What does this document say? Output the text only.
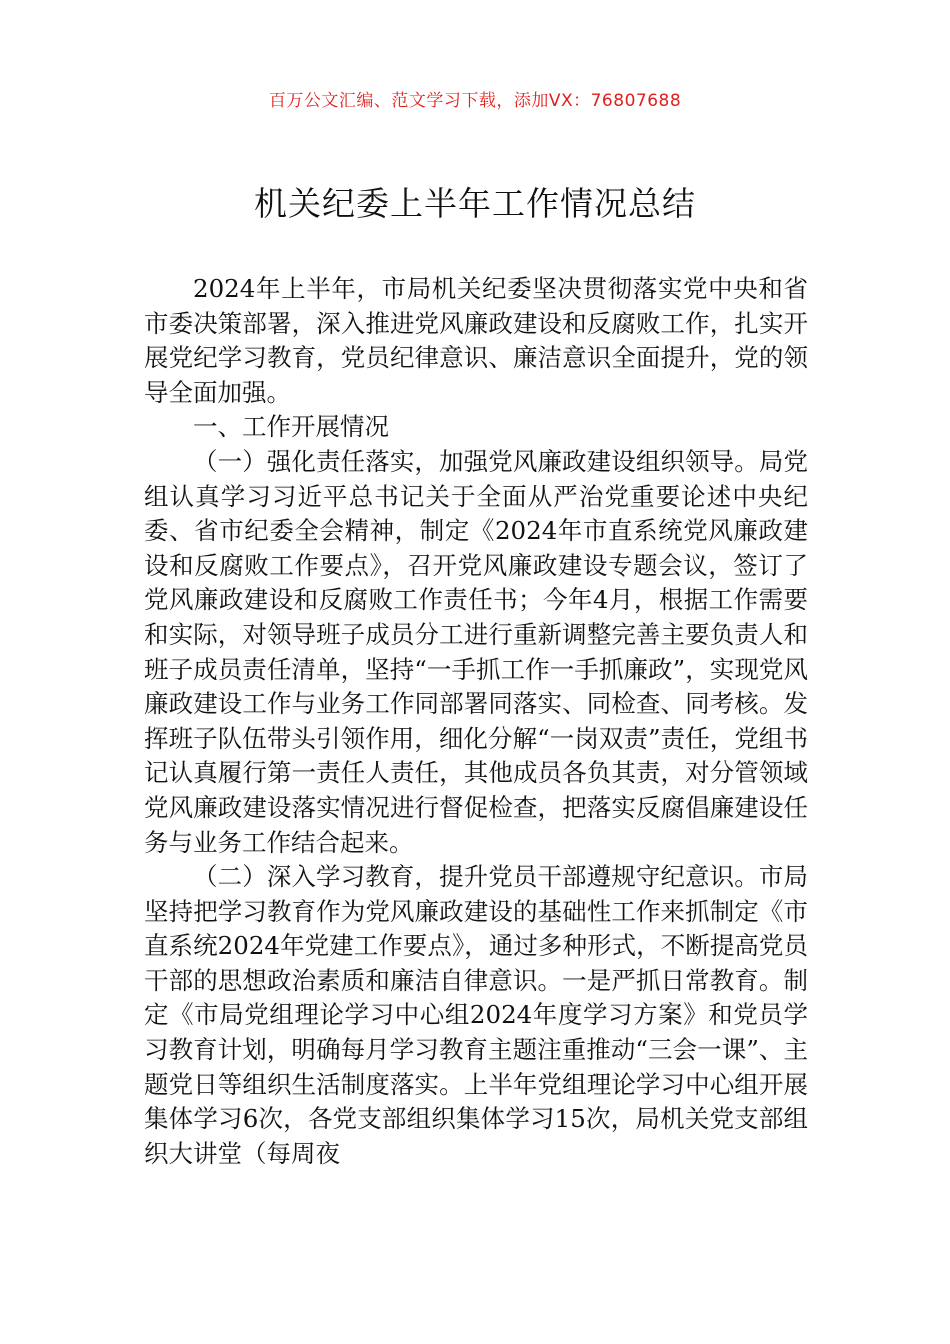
百万公文汇编、范文学习下载，添加VX：76807688
机关纪委上半年工作情况总结

2024年上半年，市局机关纪委坚决贯彻落实党中央和省市委决策部署，深入推进党风廉政建设和反腐败工作，扎实开展党纪学习教育，党员纪律意识、廉洁意识全面提升，党的领导全面加强。

一、工作开展情况

（一）强化责任落实，加强党风廉政建设组织领导。局党组认真学习习近平总书记关于全面从严治党重要论述中央纪委、省市纪委全会精神，制定《2024年市直系统党风廉政建设和反腐败工作要点》，召开党风廉政建设专题会议，签订了党风廉政建设和反腐败工作责任书；今年4月，根据工作需要和实际，对领导班子成员分工进行重新调整完善主要负责人和班子成员责任清单，坚持“一手抓工作一手抓廉政”，实现党风廉政建设工作与业务工作同部署同落实、同检查、同考核。发挥班子队伍带头引领作用，细化分解“一岗双责”责任，党组书记认真履行第一责任人责任，其他成员各负其责，对分管领域党风廉政建设落实情况进行督促检查，把落实反腐倡廉建设任务与业务工作结合起来。

（二）深入学习教育，提升党员干部遵规守纪意识。市局坚持把学习教育作为党风廉政建设的基础性工作来抓制定《市直系统2024年党建工作要点》，通过多种形式，不断提高党员干部的思想政治素质和廉洁自律意识。一是严抓日常教育。制定《市局党组理论学习中心组2024年度学习方案》和党员学习教育计划，明确每月学习教育主题注重推动“三会一课”、主题党日等组织生活制度落实。上半年党组理论学习中心组开展集体学习6次，各党支部组织集体学习15次，局机关党支部组织大讲堂（每周夜
